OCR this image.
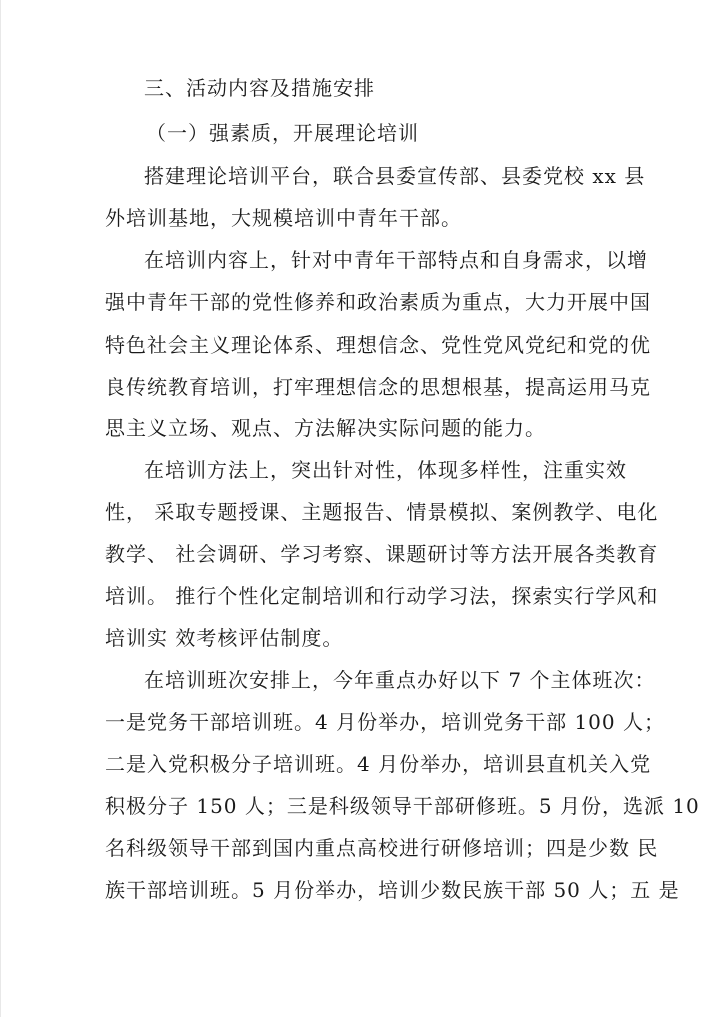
三、活动内容及措施安排
（一）强素质，开展理论培训
搭建理论培训平台，联合县委宣传部、县委党校 xx 县
外培训基地，大规模培训中青年干部。
在培训内容上，针对中青年干部特点和自身需求，以增
强中青年干部的党性修养和政治素质为重点，大力开展中国
特色社会主义理论体系、理想信念、党性党风党纪和党的优
良传统教育培训，打牢理想信念的思想根基，提高运用马克
思主义立场、观点、方法解决实际问题的能力。
在培训方法上，突出针对性，体现多样性，注重实效
性， 采取专题授课、主题报告、情景模拟、案例教学、电化
教学、 社会调研、学习考察、课题研讨等方法开展各类教育
培训。 推行个性化定制培训和行动学习法，探索实行学风和
培训实 效考核评估制度。
在培训班次安排上，今年重点办好以下 7 个主体班次：
一是党务干部培训班。4 月份举办，培训党务干部 100 人；
二是入党积极分子培训班。4 月份举办，培训县直机关入党
积极分子 150 人；三是科级领导干部研修班。5 月份，选派 10
名科级领导干部到国内重点高校进行研修培训；四是少数 民
族干部培训班。5 月份举办，培训少数民族干部 50 人；五 是
